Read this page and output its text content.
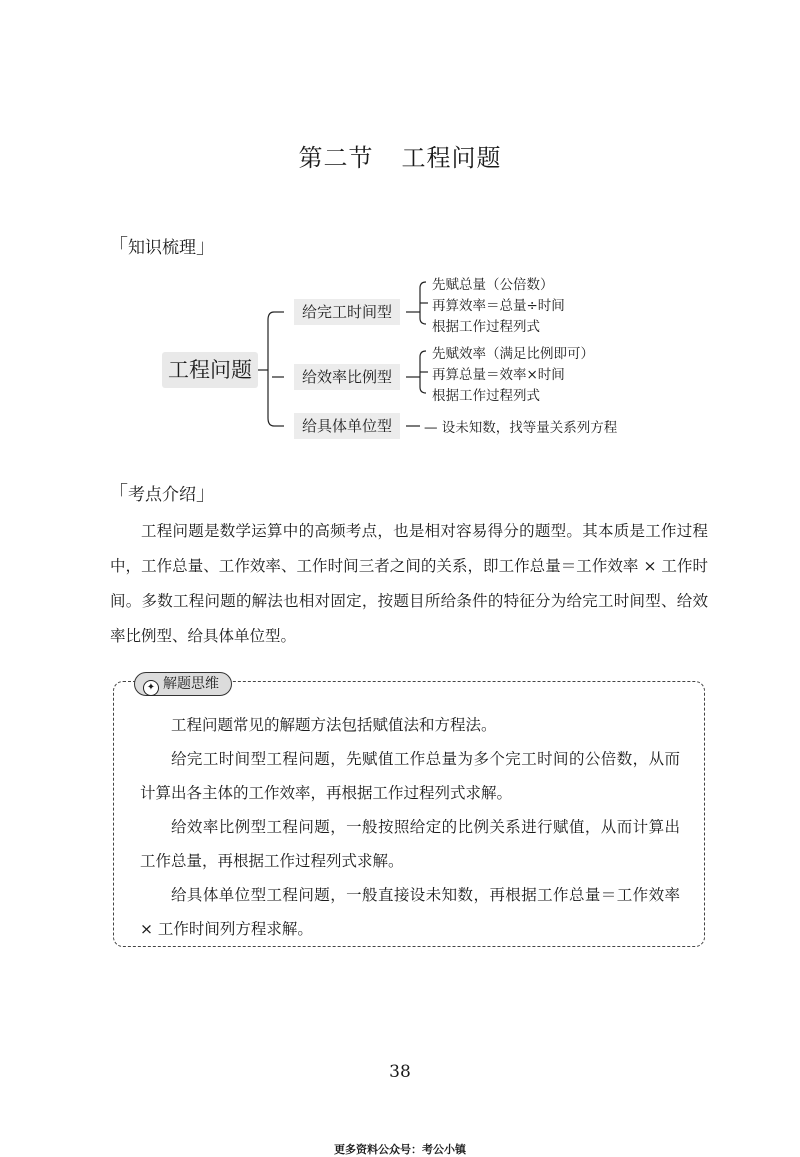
第二节 工程问题
「知识梳理」
工程问题
给完工时间型
给效率比例型
给具体单位型
先赋总量（公倍数）
再算效率＝总量÷时间
根据工作过程列式
先赋效率（满足比例即可）
再算总量＝效率×时间
根据工作过程列式
— 设未知数，找等量关系列方程
「考点介绍」
工程问题是数学运算中的高频考点，也是相对容易得分的题型。其本质是工作过程中，工作总量、工作效率、工作时间三者之间的关系，即工作总量＝工作效率 × 工作时间。多数工程问题的解法也相对固定，按题目所给条件的特征分为给完工时间型、给效率比例型、给具体单位型。
✦ 解题思维
工程问题常见的解题方法包括赋值法和方程法。
给完工时间型工程问题，先赋值工作总量为多个完工时间的公倍数，从而计算出各主体的工作效率，再根据工作过程列式求解。
给效率比例型工程问题，一般按照给定的比例关系进行赋值，从而计算出工作总量，再根据工作过程列式求解。
给具体单位型工程问题，一般直接设未知数，再根据工作总量＝工作效率 × 工作时间列方程求解。
38
更多资料公众号：考公小镇
